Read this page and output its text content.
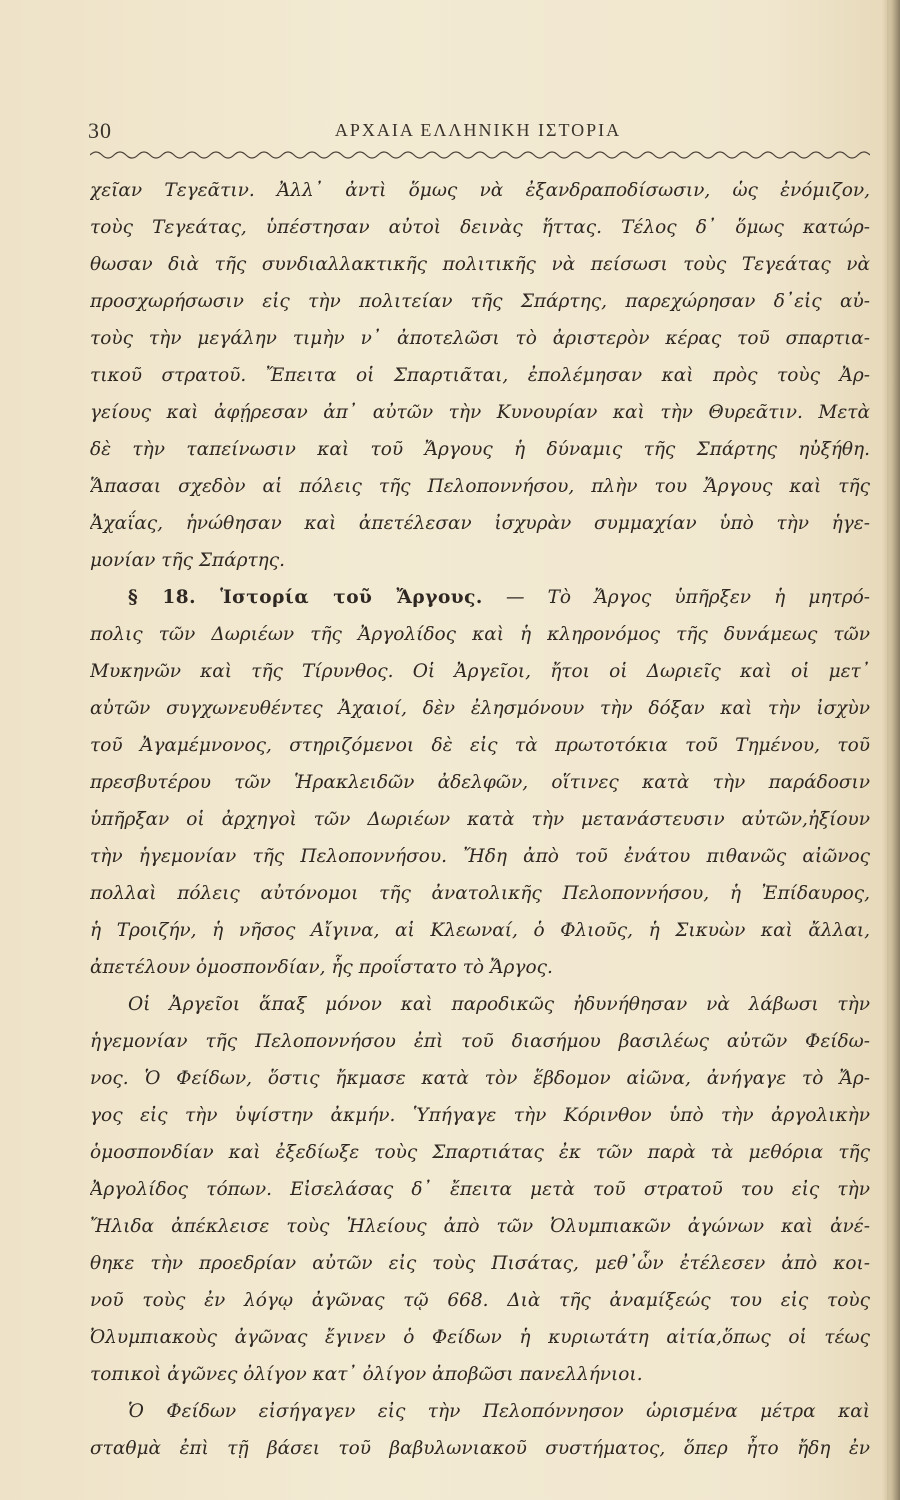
30	ΑΡΧΑΙΑ ΕΛΛΗΝΙΚΗ ΙΣΤΟΡΙΑ
χεῖαν Τεγεᾶτιν. Ἀλλ᾽ ἀντὶ ὅμως νὰ ἐξανδραποδίσωσιν, ὡς ἐνόμιζον,
τοὺς Τεγεάτας, ὑπέστησαν αὐτοὶ δεινὰς ἥττας. Τέλος δ᾽ ὅμως κατώρ-
θωσαν διὰ τῆς συνδιαλλακτικῆς πολιτικῆς νὰ πείσωσι τοὺς Τεγεάτας νὰ
προσχωρήσωσιν εἰς τὴν πολιτείαν τῆς Σπάρτης, παρεχώρησαν δ᾽εἰς αὐ-
τοὺς τὴν μεγάλην τιμὴν ν᾽ ἀποτελῶσι τὸ ἀριστερὸν κέρας τοῦ σπαρτια-
τικοῦ στρατοῦ. Ἔπειτα οἱ Σπαρτιᾶται, ἐπολέμησαν καὶ πρὸς τοὺς Ἀρ-
γείους καὶ ἀφῄρεσαν ἀπ᾽ αὐτῶν τὴν Κυνουρίαν καὶ τὴν Θυρεᾶτιν. Μετὰ
δὲ τὴν ταπείνωσιν καὶ τοῦ Ἄργους ἡ δύναμις τῆς Σπάρτης ηὐξήθη.
Ἅπασαι σχεδὸν αἱ πόλεις τῆς Πελοποννήσου, πλὴν του Ἄργους καὶ τῆς
Ἀχαΐας, ἡνώθησαν καὶ ἀπετέλεσαν ἰσχυρὰν συμμαχίαν ὑπὸ τὴν ἡγε-
μονίαν τῆς Σπάρτης.
§ 18. Ἱστορία τοῦ Ἄργους. — Τὸ Ἄργος ὑπῆρξεν ἡ μητρό-
πολις τῶν Δωριέων τῆς Ἀργολίδος καὶ ἡ κληρονόμος τῆς δυνάμεως τῶν
Μυκηνῶν καὶ τῆς Τίρυνθος. Οἱ Ἀργεῖοι, ἤτοι οἱ Δωριεῖς καὶ οἱ μετ᾽
αὐτῶν συγχωνευθέντες Ἀχαιοί, δὲν ἐλησμόνουν τὴν δόξαν καὶ τὴν ἰσχὺν
τοῦ Ἀγαμέμνονος, στηριζόμενοι δὲ εἰς τὰ πρωτοτόκια τοῦ Τημένου, τοῦ
πρεσβυτέρου τῶν Ἡρακλειδῶν ἀδελφῶν, οἵτινες κατὰ τὴν παράδοσιν
ὑπῆρξαν οἱ ἀρχηγοὶ τῶν Δωριέων κατὰ τὴν μετανάστευσιν αὐτῶν,ἠξίουν
τὴν ἡγεμονίαν τῆς Πελοποννήσου. Ἤδη ἀπὸ τοῦ ἐνάτου πιθανῶς αἰῶνος
πολλαὶ πόλεις αὐτόνομοι τῆς ἀνατολικῆς Πελοποννήσου, ἡ Ἐπίδαυρος,
ἡ Τροιζήν, ἡ νῆσος Αἴγινα, αἱ Κλεωναί, ὁ Φλιοῦς, ἡ Σικυὼν καὶ ἄλλαι,
ἀπετέλουν ὁμοσπονδίαν, ἧς προΐστατο τὸ Ἄργος.
Οἱ Ἀργεῖοι ἅπαξ μόνον καὶ παροδικῶς ἠδυνήθησαν νὰ λάβωσι τὴν
ἡγεμονίαν τῆς Πελοποννήσου ἐπὶ τοῦ διασήμου βασιλέως αὐτῶν Φείδω-
νος. Ὁ Φείδων, ὅστις ἤκμασε κατὰ τὸν ἕβδομον αἰῶνα, ἀνήγαγε τὸ Ἄρ-
γος εἰς τὴν ὑψίστην ἀκμήν. Ὑπήγαγε τὴν Κόρινθον ὑπὸ τὴν ἀργολικὴν
ὁμοσπονδίαν καὶ ἐξεδίωξε τοὺς Σπαρτιάτας ἐκ τῶν παρὰ τὰ μεθόρια τῆς
Ἀργολίδος τόπων. Εἰσελάσας δ᾽ ἔπειτα μετὰ τοῦ στρατοῦ του εἰς τὴν
Ἤλιδα ἀπέκλεισε τοὺς Ἠλείους ἀπὸ τῶν Ὀλυμπιακῶν ἀγώνων καὶ ἀνέ-
θηκε τὴν προεδρίαν αὐτῶν εἰς τοὺς Πισάτας, μεθ᾽ὧν ἐτέλεσεν ἀπὸ κοι-
νοῦ τοὺς ἐν λόγῳ ἀγῶνας τῷ 668. Διὰ τῆς ἀναμίξεώς του εἰς τοὺς
Ὀλυμπιακοὺς ἀγῶνας ἔγινεν ὁ Φείδων ἡ κυριωτάτη αἰτία,ὅπως οἱ τέως
τοπικοὶ ἀγῶνες ὀλίγον κατ᾽ ὀλίγον ἀποβῶσι πανελλήνιοι.
Ὁ Φείδων εἰσήγαγεν εἰς τὴν Πελοπόννησον ὡρισμένα μέτρα καὶ
σταθμὰ ἐπὶ τῇ βάσει τοῦ βαβυλωνιακοῦ συστήματος, ὅπερ ἦτο ἤδη ἐν
